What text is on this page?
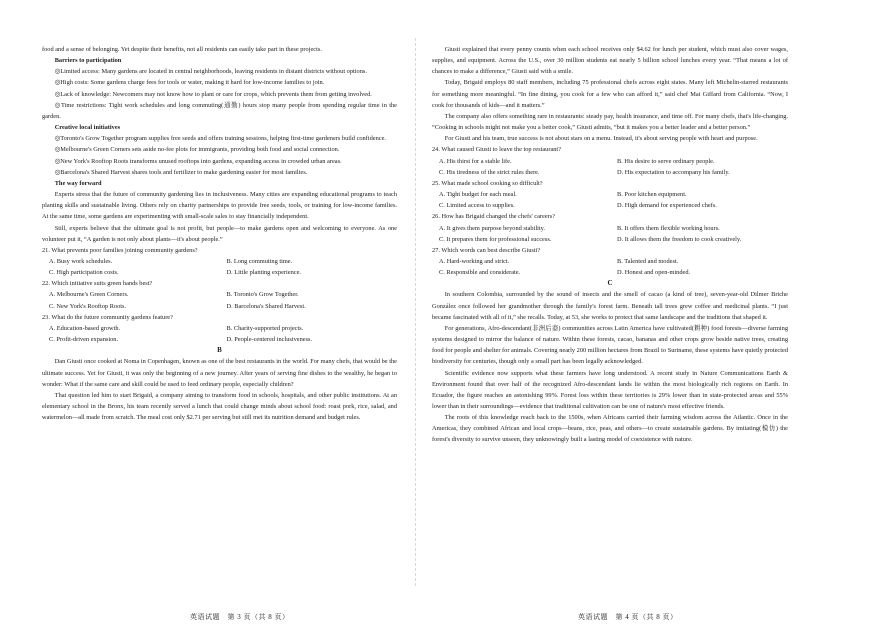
food and a sense of belonging. Yet despite their benefits, not all residents can easily take part in these projects.

Barriers to participation

◎Limited access: Many gardens are located in central neighborhoods, leaving residents in distant districts without options.

◎High costs: Some gardens charge fees for tools or water, making it hard for low-income families to join.

◎Lack of knowledge: Newcomers may not know how to plant or care for crops, which prevents them from getting involved.

◎Time restrictions: Tight work schedules and long commuting(通勤) hours stop many people from spending regular time in the garden.

Creative local initiatives

◎Toronto's Grow Together program supplies free seeds and offers training sessions, helping first-time gardeners build confidence.

◎Melbourne's Green Corners sets aside no-fee plots for immigrants, providing both food and social connection.

◎New York's Rooftop Roots transforms unused rooftops into gardens, expanding access in crowded urban areas.

◎Barcelona's Shared Harvest shares tools and fertilizer to make gardening easier for most families.

The way forward

Experts stress that the future of community gardening lies in inclusiveness. Many cities are expanding educational programs to teach planting skills and sustainable living. Others rely on charity partnerships to provide free seeds, tools, or training for low-income families. At the same time, some gardens are experimenting with small-scale sales to stay financially independent.

Still, experts believe that the ultimate goal is not profit, but people—to make gardens open and welcoming to everyone. As one volunteer put it, “A garden is not only about plants—it's about people.”

21. What prevents poor families joining community gardens?

A. Busy work schedules.	B. Long commuting time.
C. High participation costs.	D. Little planting experience.

22. Which initiative suits green hands best?

A. Melbourne's Green Corners.	B. Toronto's Grow Together.
C. New York's Rooftop Roots.	D. Barcelona's Shared Harvest.

23. What do the future community gardens feature?

A. Education-based growth.	B. Charity-supported projects.
C. Profit-driven expansion.	D. People-centered inclusiveness.

B

Dan Giusti once cooked at Noma in Copenhagen, known as one of the best restaurants in the world. For many chefs, that would be the ultimate success. Yet for Giusti, it was only the beginning of a new journey. After years of serving fine dishes to the wealthy, he began to wonder: What if the same care and skill could be used to feed ordinary people, especially children?

That question led him to start Brigaid, a company aiming to transform food in schools, hospitals, and other public institutions. At an elementary school in the Bronx, his team recently served a lunch that could change minds about school food: roast pork, rice, salad, and watermelon—all made from scratch. The meal cost only $2.71 per serving but still met its nutrition demand and budget rules.

Giusti explained that every penny counts when each school receives only $4.62 for lunch per student, which must also cover wages, supplies, and equipment. Across the U.S., over 30 million students eat nearly 5 billion school lunches every year. “That means a lot of chances to make a difference,” Giusti said with a smile.

Today, Brigaid employs 80 staff members, including 75 professional chefs across eight states. Many left Michelin-starred restaurants for something more meaningful. “In fine dining, you cook for a few who can afford it,” said chef Mai Giffard from California. “Now, I cook for thousands of kids—and it matters.”

The company also offers something rare in restaurants: steady pay, health insurance, and time off. For many chefs, that's life-changing. “Cooking in schools might not make you a better cook,” Giusti admits, “but it makes you a better leader and a better person.”

For Giusti and his team, true success is not about stars on a menu. Instead, it's about serving people with heart and purpose.

24. What caused Giusti to leave the top restaurant?

A. His thirst for a stable life.	B. His desire to serve ordinary people.
C. His tiredness of the strict rules there.	D. His expectation to accompany his family.

25. What made school cooking so difficult?

A. Tight budget for each meal.	B. Poor kitchen equipment.
C. Limited access to supplies.	D. High demand for experienced chefs.

26. How has Brigaid changed the chefs' careers?

A. It gives them purpose beyond stability.	B. It offers them flexible working hours.
C. It prepares them for professional success.	D. It allows them the freedom to cook creatively.

27. Which words can best describe Giusti?

A. Hard-working and strict.	B. Talented and modest.
C. Responsible and considerate.	D. Honest and open-minded.

C

In southern Colombia, surrounded by the sound of insects and the smell of cacao (a kind of tree), seven-year-old Dilmer Briche González once followed her grandmother through the family's forest farm. Beneath tall trees grew coffee and medicinal plants. “I just became fascinated with all of it,” she recalls. Today, at 53, she works to protect that same landscape and the traditions that shaped it.

For generations, Afro-descendant(非洲后裔) communities across Latin America have cultivated(耕种) food forests—diverse farming systems designed to mirror the balance of nature. Within these forests, cacao, bananas and other crops grow beside native trees, creating food for people and shelter for animals. Covering nearly 200 million hectares from Brazil to Suriname, these systems have quietly protected biodiversity for centuries, though only a small part has been legally acknowledged.

Scientific evidence now supports what these farmers have long understood. A recent study in Nature Communications Earth & Environment found that over half of the recognized Afro-descendant lands lie within the most biologically rich regions on Earth. In Ecuador, the figure reaches an astonishing 99%. Forest loss within these territories is 29% lower than in state-protected areas and 55% lower than in their surroundings—evidence that traditional cultivation can be one of nature's most effective friends.

The roots of this knowledge reach back to the 1500s, when Africans carried their farming wisdom across the Atlantic. Once in the Americas, they combined African and local crops—beans, rice, peas, and others—to create sustainable gardens. By imitating(模仿) the forest's diversity to survive unseen, they unknowingly built a lasting model of coexistence with nature.

英语试题　第 3 页（共 8 页）	英语试题　第 4 页（共 8 页）
